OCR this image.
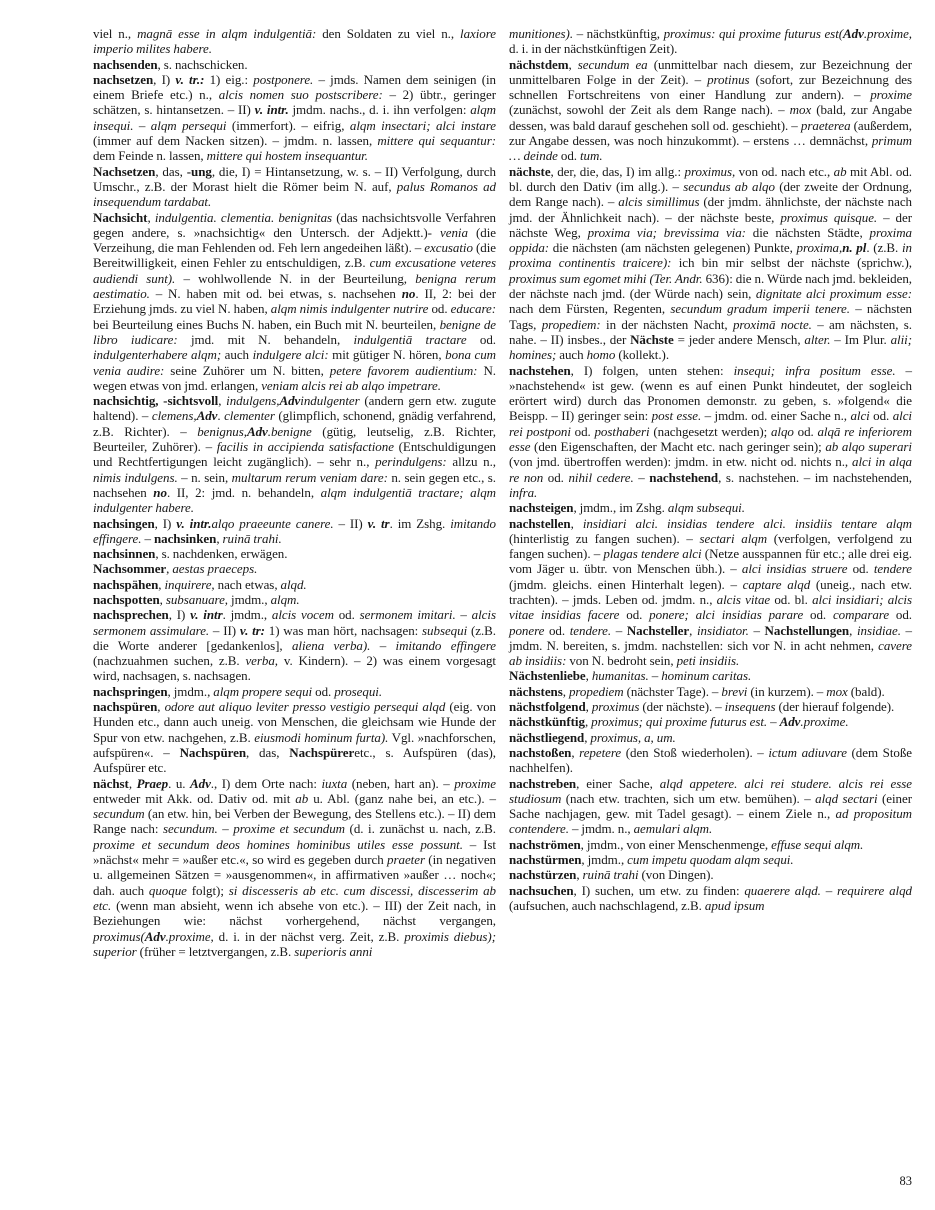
viel n., magnā esse in alqm indulgentiā: den Soldaten zu viel n., laxiore imperio milites habere.

nachsenden, s. nachschicken.

nachsetzen, I) v. tr.: 1) eig.: postponere. – jmds. Namen dem seinigen (in einem Briefe etc.) n., alcis nomen suo postscribere: – 2) übtr., geringer schätzen, s. hintansetzen. – II) v. intr. jmdm. nachs., d. i. ihn verfolgen: alqm insequi. – alqm persequi (immerfort). – eifrig, alqm insectari; alci instare (immer auf dem Nacken sitzen). – jmdm. n. lassen, mittere qui sequantur: dem Feinde n. lassen, mittere qui hostem insequantur.

Nachsetzen, das, -ung, die, I) = Hintansetzung, w. s. – II) Verfolgung, durch Umschr., z.B. der Morast hielt die Römer beim N. auf, palus Romanos ad insequendum tardabat.

Nachsicht, indulgentia. clementia. benignitas (das nachsichtsvolle Verfahren gegen andere, s. »nachsichtig« den Untersch. der Adjektt.)- venia (die Verzeihung, die man Fehlenden od. Feh lern angedeihen läßt). – excusatio (die Bereitwilligkeit, einen Fehler zu entschuldigen, z.B. cum excusatione veteres audiendi sunt). – wohlwollende N. in der Beurteilung, benigna rerum aestimatio. – N. haben mit od. bei etwas, s. nachsehen no. II, 2: bei der Erziehung jmds. zu viel N. haben, alqm nimis indulgenter nutrire od. educare: bei Beurteilung eines Buchs N. haben, ein Buch mit N. beurteilen, benigne de libro iudicare: jmd. mit N. behandeln, indulgentiā tractare od. indulgenterhabere alqm; auch indulgere alci: mit gütiger N. hören, bona cum venia audire: seine Zuhörer um N. bitten, petere favorem audientium: N. wegen etwas von jmd. erlangen, veniam alcis rei ab alqo impetrare.

nachsichtig, -sichtsvoll, indulgens,Advindulgenter (andern gern etw. zugute haltend). – clemens,Adv. clementer (glimpflich, schonend, gnädig verfahrend, z.B. Richter). – benignus,Adv.benigne (gütig, leutselig, z.B. Richter, Beurteiler, Zuhörer). – facilis in accipienda satisfactione (Entschuldigungen und Rechtfertigungen leicht zugänglich). – sehr n., perindulgens: allzu n., nimis indulgens. – n. sein, multarum rerum veniam dare: n. sein gegen etc., s. nachsehen no. II, 2: jmd. n. behandeln, alqm indulgentiā tractare; alqm indulgenter habere.

nachsingen, I) v. intr.alqo praeeunte canere. – II) v. tr. im Zshg. imitando effingere. – nachsinken, ruinā trahi.

nachsinnen, s. nachdenken, erwägen.

Nachsommer, aestas praeceps.

nachspähen, inquirere, nach etwas, alqd.

nachspotten, subsanuare, jmdm., alqm.

nachsprechen, I) v. intr. jmdm., alcis vocem od. sermonem imitari. – alcis sermonem assimulare. – II) v. tr: 1) was man hört, nachsagen: subsequi (z.B. die Worte anderer [gedankenlos], aliena verba). – imitando effingere (nachzuahmen suchen, z.B. verba, v. Kindern). – 2) was einem vorgesagt wird, nachsagen, s. nachsagen.

nachspringen, jmdm., alqm propere sequi od. prosequi.

nachspüren, odore aut aliquo leviter presso vestigio persequi alqd (eig. von Hunden etc., dann auch uneig. von Menschen, die gleichsam wie Hunde der Spur von etw. nachgehen, z.B. eiusmodi hominum furta). Vgl. »nachforschen, aufspüren«. – Nachspüren, das, Nachspüreretc., s. Aufspüren (das), Aufspürer etc.

nächst, Praep. u. Adv., I) dem Orte nach: iuxta (neben, hart an). – proxime entweder mit Akk. od. Dativ od. mit ab u. Abl. (ganz nahe bei, an etc.). – secundum (an etw. hin, bei Verben der Bewegung, des Stellens etc.). – II) dem Range nach: secundum. – proxime et secundum (d. i. zunächst u. nach, z.B. proxime et secundum deos homines hominibus utiles esse possunt. – Ist »nächst« mehr = »außer etc.«, so wird es gegeben durch praeter (in negativen u. allgemeinen Sätzen = »ausgenommen«, in affirmativen »außer … noch«; dah. auch quoque folgt); si discesseris ab etc. cum discessi, discesserim ab etc. (wenn man absieht, wenn ich absehe von etc.). – III) der Zeit nach, in Beziehungen wie: nächst vorhergehend, nächst vergangen, proximus(Adv.proxime, d. i. in der nächst verg. Zeit, z.B. proximis diebus); superior (früher = letztvergangen, z.B. superioris anni

munitiones). – nächstkünftig, proximus: qui proxime futurus est(Adv.proxime, d. i. in der nächstkünftigen Zeit).

nächstdem, secundum ea (unmittelbar nach diesem, zur Bezeichnung der unmittelbaren Folge in der Zeit). – protinus (sofort, zur Bezeichnung des schnellen Fortschreitens von einer Handlung zur andern). – proxime (zunächst, sowohl der Zeit als dem Range nach). – mox (bald, zur Angabe dessen, was bald darauf geschehen soll od. geschieht). – praeterea (außerdem, zur Angabe dessen, was noch hinzukommt). – erstens … demnächst, primum … deinde od. tum.

nächste, der, die, das, I) im allg.: proximus, von od. nach etc., ab mit Abl. od. bl. durch den Dativ (im allg.). – secundus ab alqo (der zweite der Ordnung, dem Range nach). – alcis simillimus (der jmdm. ähnlichste, der nächste nach jmd. der Ähnlichkeit nach). – der nächste beste, proximus quisque. – der nächste Weg, proxima via; brevissima via: die nächsten Städte, proxima oppida: die nächsten (am nächsten gelegenen) Punkte, proxima,n. pl. (z.B. in proxima continentis traicere): ich bin mir selbst der nächste (sprichw.), proximus sum egomet mihi (Ter. Andr. 636): die n. Würde nach jmd. bekleiden, der nächste nach jmd. (der Würde nach) sein, dignitate alci proximum esse: nach dem Fürsten, Regenten, secundum gradum imperii tenere. – nächsten Tags, propediem: in der nächsten Nacht, proximā nocte. – am nächsten, s. nahe. – II) insbes., der Nächste = jeder andere Mensch, alter. – Im Plur. alii; homines; auch homo (kollekt.).

nachstehen, I) folgen, unten stehen: insequi; infra positum esse. – »nachstehend« ist gew. (wenn es auf einen Punkt hindeutet, der sogleich erörtert wird) durch das Pronomen demonstr. zu geben, s. »folgend« die Beispp. – II) geringer sein: post esse. – jmdm. od. einer Sache n., alci od. alci rei postponi od. posthaberi (nachgesetzt werden); alqo od. alqā re inferiorem esse (den Eigenschaften, der Macht etc. nach geringer sein); ab alqo superari (von jmd. übertroffen werden): jmdm. in etw. nicht od. nichts n., alci in alqa re non od. nihil cedere. – nachstehend, s. nachstehen. – im nachstehenden, infra.

nachsteigen, jmdm., im Zshg. alqm subsequi.

nachstellen, insidiari alci. insidias tendere alci. insidiis tentare alqm (hinterlistig zu fangen suchen). – sectari alqm (verfolgen, verfolgend zu fangen suchen). – plagas tendere alci (Netze ausspannen für etc.; alle drei eig. vom Jäger u. übtr. von Menschen übh.). – alci insidias struere od. tendere (jmdm. gleichs. einen Hinterhalt legen). – captare alqd (uneig., nach etw. trachten). – jmds. Leben od. jmdm. n., alcis vitae od. bl. alci insidiari; alcis vitae insidias facere od. ponere; alci insidias parare od. comparare od. ponere od. tendere. – Nachsteller, insidiator. – Nachstellungen, insidiae. – jmdm. N. bereiten, s. jmdm. nachstellen: sich vor N. in acht nehmen, cavere ab insidiis: von N. bedroht sein, peti insidiis.

Nächstenliebe, humanitas. – hominum caritas.

nächstens, propediem (nächster Tage). – brevi (in kurzem). – mox (bald).

nächstfolgend, proximus (der nächste). – insequens (der hierauf folgende).

nächstkünftig, proximus; qui proxime futurus est. – Adv.proxime.

nächstliegend, proximus, a, um.

nachstoßen, repetere (den Stoß wiederholen). – ictum adiuvare (dem Stoße nachhelfen).

nachstreben, einer Sache, alqd appetere. alci rei studere. alcis rei esse studiosum (nach etw. trachten, sich um etw. bemühen). – alqd sectari (einer Sache nachjagen, gew. mit Tadel gesagt). – einem Ziele n., ad propositum contendere. – jmdm. n., aemulari alqm.

nachströmen, jmdm., von einer Menschenmenge, effuse sequi alqm.

nachstürmen, jmdm., cum impetu quodam alqm sequi.

nachstürzen, ruinā trahi (von Dingen).

nachsuchen, I) suchen, um etw. zu finden: quaerere alqd. – requirere alqd (aufsuchen, auch nachschlagend, z.B. apud ipsum

83
